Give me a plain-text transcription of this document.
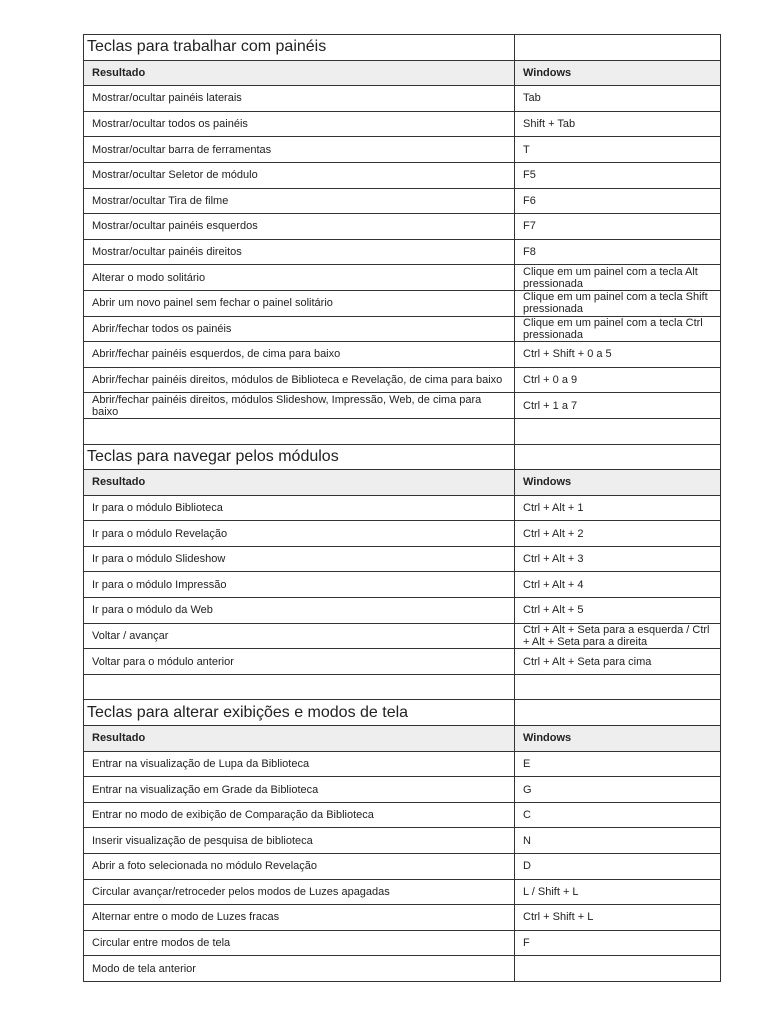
Teclas para trabalhar com painéis	
Resultado	Windows
Mostrar/ocultar painéis laterais	Tab
Mostrar/ocultar todos os painéis	Shift + Tab
Mostrar/ocultar barra de ferramentas	T
Mostrar/ocultar Seletor de módulo	F5
Mostrar/ocultar Tira de filme	F6
Mostrar/ocultar painéis esquerdos	F7
Mostrar/ocultar painéis direitos	F8
Alterar o modo solitário	Clique em um painel com a tecla Alt pressionada
Abrir um novo painel sem fechar o painel solitário	Clique em um painel com a tecla Shift pressionada
Abrir/fechar todos os painéis	Clique em um painel com a tecla Ctrl pressionada
Abrir/fechar painéis esquerdos, de cima para baixo	Ctrl + Shift + 0 a 5
Abrir/fechar painéis direitos, módulos de Biblioteca e Revelação, de cima para baixo	Ctrl + 0 a 9
Abrir/fechar painéis direitos, módulos Slideshow, Impressão, Web, de cima para baixo	Ctrl + 1 a 7

Teclas para navegar pelos módulos	
Resultado	Windows
Ir para o módulo Biblioteca	Ctrl + Alt + 1
Ir para o módulo Revelação	Ctrl + Alt + 2
Ir para o módulo Slideshow	Ctrl + Alt + 3
Ir para o módulo Impressão	Ctrl + Alt + 4
Ir para o módulo da Web	Ctrl + Alt + 5
Voltar / avançar	Ctrl + Alt + Seta para a esquerda / Ctrl + Alt + Seta para a direita
Voltar para o módulo anterior	Ctrl + Alt + Seta para cima

Teclas para alterar exibições e modos de tela	
Resultado	Windows
Entrar na visualização de Lupa da Biblioteca	E
Entrar na visualização em Grade da Biblioteca	G
Entrar no modo de exibição de Comparação da Biblioteca	C
Inserir visualização de pesquisa de biblioteca	N
Abrir a foto selecionada no módulo Revelação	D
Circular avançar/retroceder pelos modos de Luzes apagadas	L / Shift + L
Alternar entre o modo de Luzes fracas	Ctrl + Shift + L
Circular entre modos de tela	F
Modo de tela anterior	
